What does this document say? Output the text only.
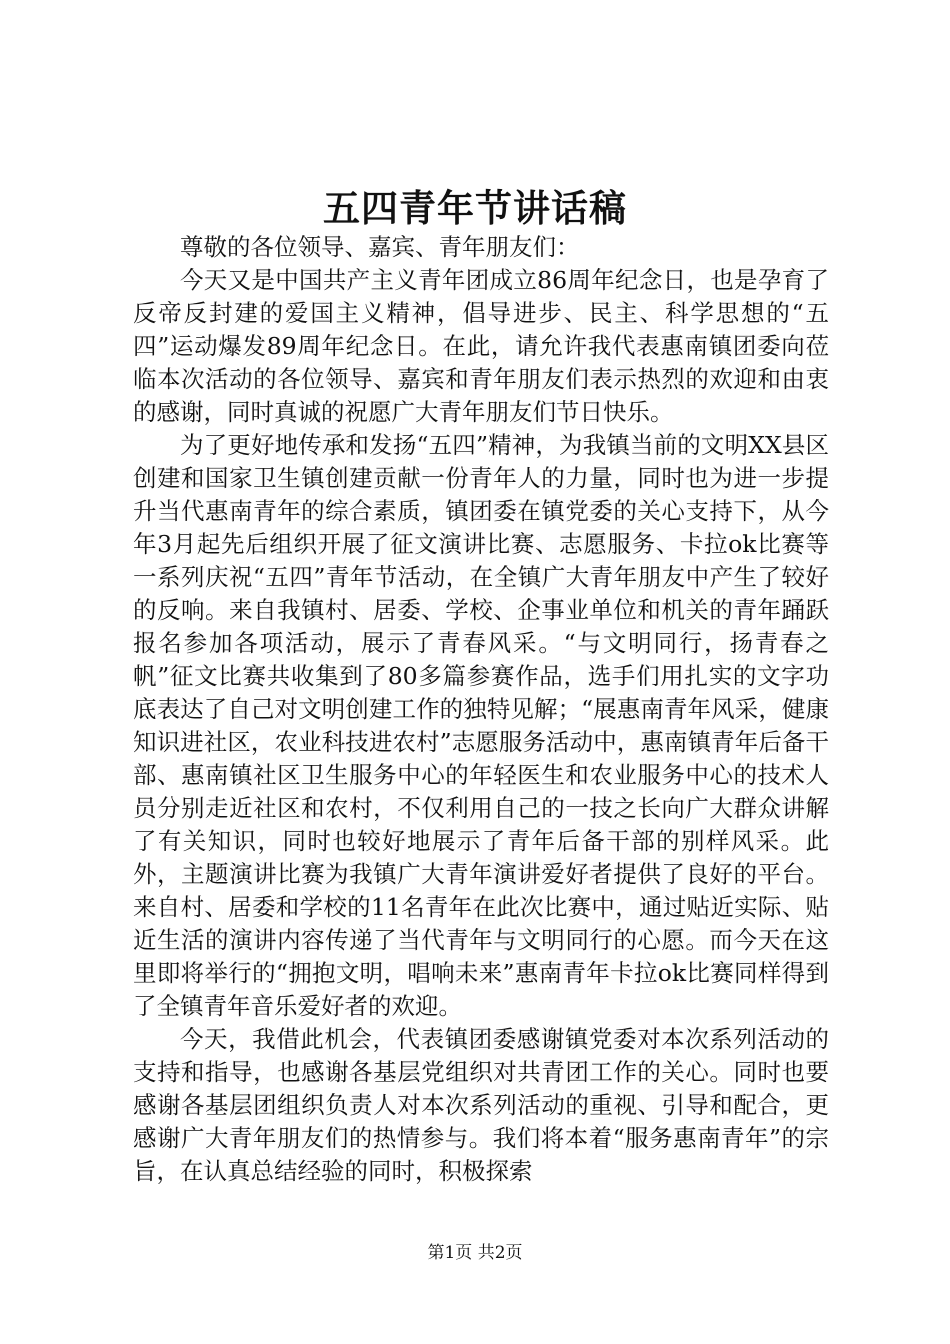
五四青年节讲话稿

尊敬的各位领导、嘉宾、青年朋友们：

今天又是中国共产主义青年团成立86周年纪念日，也是孕育了反帝反封建的爱国主义精神，倡导进步、民主、科学思想的“五四”运动爆发89周年纪念日。在此，请允许我代表惠南镇团委向莅临本次活动的各位领导、嘉宾和青年朋友们表示热烈的欢迎和由衷的感谢，同时真诚的祝愿广大青年朋友们节日快乐。

为了更好地传承和发扬“五四”精神，为我镇当前的文明XX县区创建和国家卫生镇创建贡献一份青年人的力量，同时也为进一步提升当代惠南青年的综合素质，镇团委在镇党委的关心支持下，从今年3月起先后组织开展了征文演讲比赛、志愿服务、卡拉ok比赛等一系列庆祝“五四”青年节活动，在全镇广大青年朋友中产生了较好的反响。来自我镇村、居委、学校、企事业单位和机关的青年踊跃报名参加各项活动，展示了青春风采。“与文明同行，扬青春之帆”征文比赛共收集到了80多篇参赛作品，选手们用扎实的文字功底表达了自己对文明创建工作的独特见解；“展惠南青年风采，健康知识进社区，农业科技进农村”志愿服务活动中，惠南镇青年后备干部、惠南镇社区卫生服务中心的年轻医生和农业服务中心的技术人员分别走近社区和农村，不仅利用自己的一技之长向广大群众讲解了有关知识，同时也较好地展示了青年后备干部的别样风采。此外，主题演讲比赛为我镇广大青年演讲爱好者提供了良好的平台。来自村、居委和学校的11名青年在此次比赛中，通过贴近实际、贴近生活的演讲内容传递了当代青年与文明同行的心愿。而今天在这里即将举行的“拥抱文明，唱响未来”惠南青年卡拉ok比赛同样得到了全镇青年音乐爱好者的欢迎。

今天，我借此机会，代表镇团委感谢镇党委对本次系列活动的支持和指导，也感谢各基层党组织对共青团工作的关心。同时也要感谢各基层团组织负责人对本次系列活动的重视、引导和配合，更感谢广大青年朋友们的热情参与。我们将本着“服务惠南青年”的宗旨，在认真总结经验的同时，积极探索

第1页 共2页
